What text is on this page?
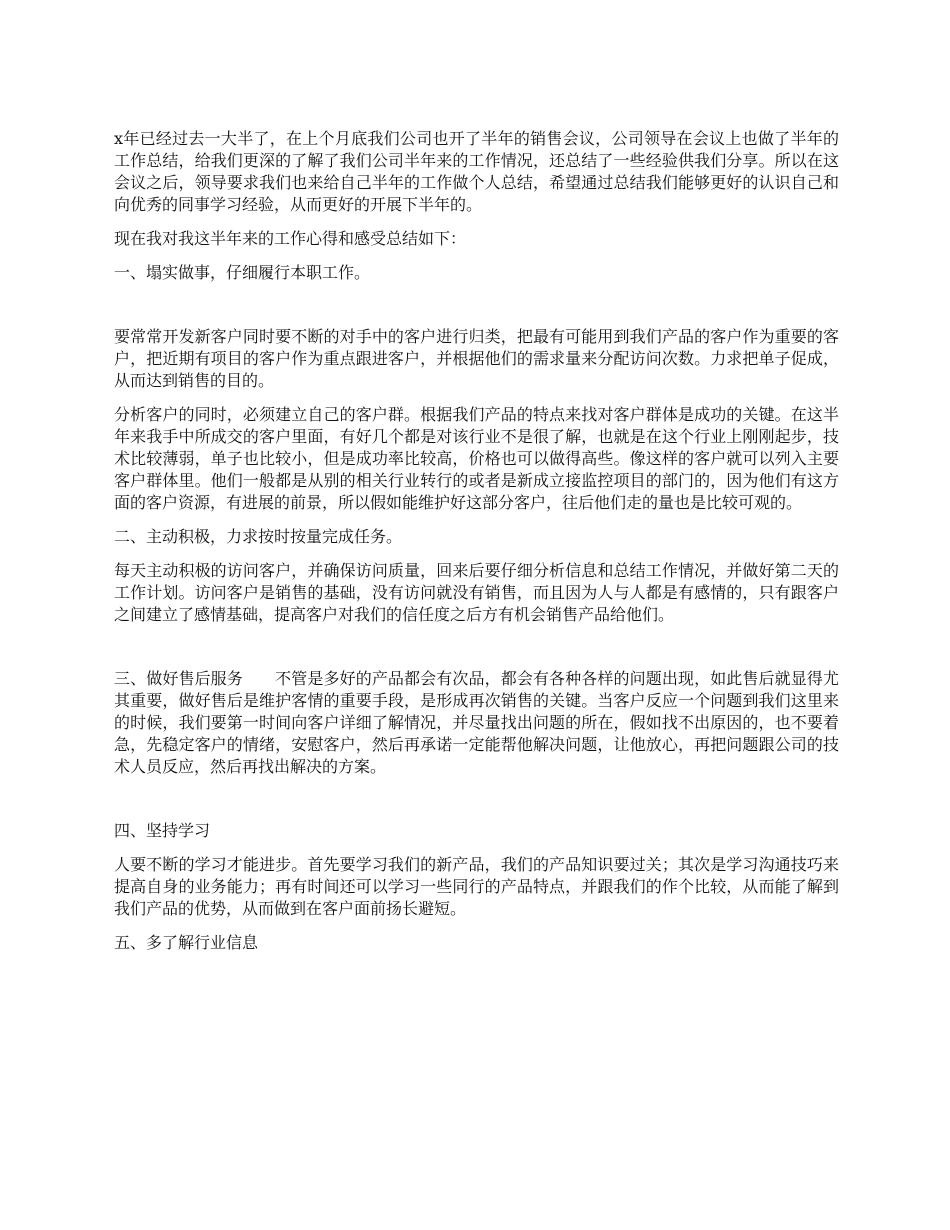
x年已经过去一大半了，在上个月底我们公司也开了半年的销售会议，公司领导在会议上也做了半年的工作总结，给我们更深的了解了我们公司半年来的工作情况，还总结了一些经验供我们分享。所以在这会议之后，领导要求我们也来给自己半年的工作做个人总结，希望通过总结我们能够更好的认识自己和向优秀的同事学习经验，从而更好的开展下半年的。

现在我对我这半年来的工作心得和感受总结如下：

一、塌实做事，仔细履行本职工作。

要常常开发新客户同时要不断的对手中的客户进行归类，把最有可能用到我们产品的客户作为重要的客户，把近期有项目的客户作为重点跟进客户，并根据他们的需求量来分配访问次数。力求把单子促成，从而达到销售的目的。

分析客户的同时，必须建立自己的客户群。根据我们产品的特点来找对客户群体是成功的关键。在这半年来我手中所成交的客户里面，有好几个都是对该行业不是很了解，也就是在这个行业上刚刚起步，技术比较薄弱，单子也比较小，但是成功率比较高，价格也可以做得高些。像这样的客户就可以列入主要客户群体里。他们一般都是从别的相关行业转行的或者是新成立接监控项目的部门的，因为他们有这方面的客户资源，有进展的前景，所以假如能维护好这部分客户，往后他们走的量也是比较可观的。

二、主动积极，力求按时按量完成任务。

每天主动积极的访问客户，并确保访问质量，回来后要仔细分析信息和总结工作情况，并做好第二天的工作计划。访问客户是销售的基础，没有访问就没有销售，而且因为人与人都是有感情的，只有跟客户之间建立了感情基础，提高客户对我们的信任度之后方有机会销售产品给他们。

三、做好售后服务　　不管是多好的产品都会有次品，都会有各种各样的问题出现，如此售后就显得尤其重要，做好售后是维护客情的重要手段，是形成再次销售的关键。当客户反应一个问题到我们这里来的时候，我们要第一时间向客户详细了解情况，并尽量找出问题的所在，假如找不出原因的，也不要着急，先稳定客户的情绪，安慰客户，然后再承诺一定能帮他解决问题，让他放心，再把问题跟公司的技术人员反应，然后再找出解决的方案。

四、坚持学习

人要不断的学习才能进步。首先要学习我们的新产品，我们的产品知识要过关；其次是学习沟通技巧来提高自身的业务能力；再有时间还可以学习一些同行的产品特点，并跟我们的作个比较，从而能了解到我们产品的优势，从而做到在客户面前扬长避短。

五、多了解行业信息
